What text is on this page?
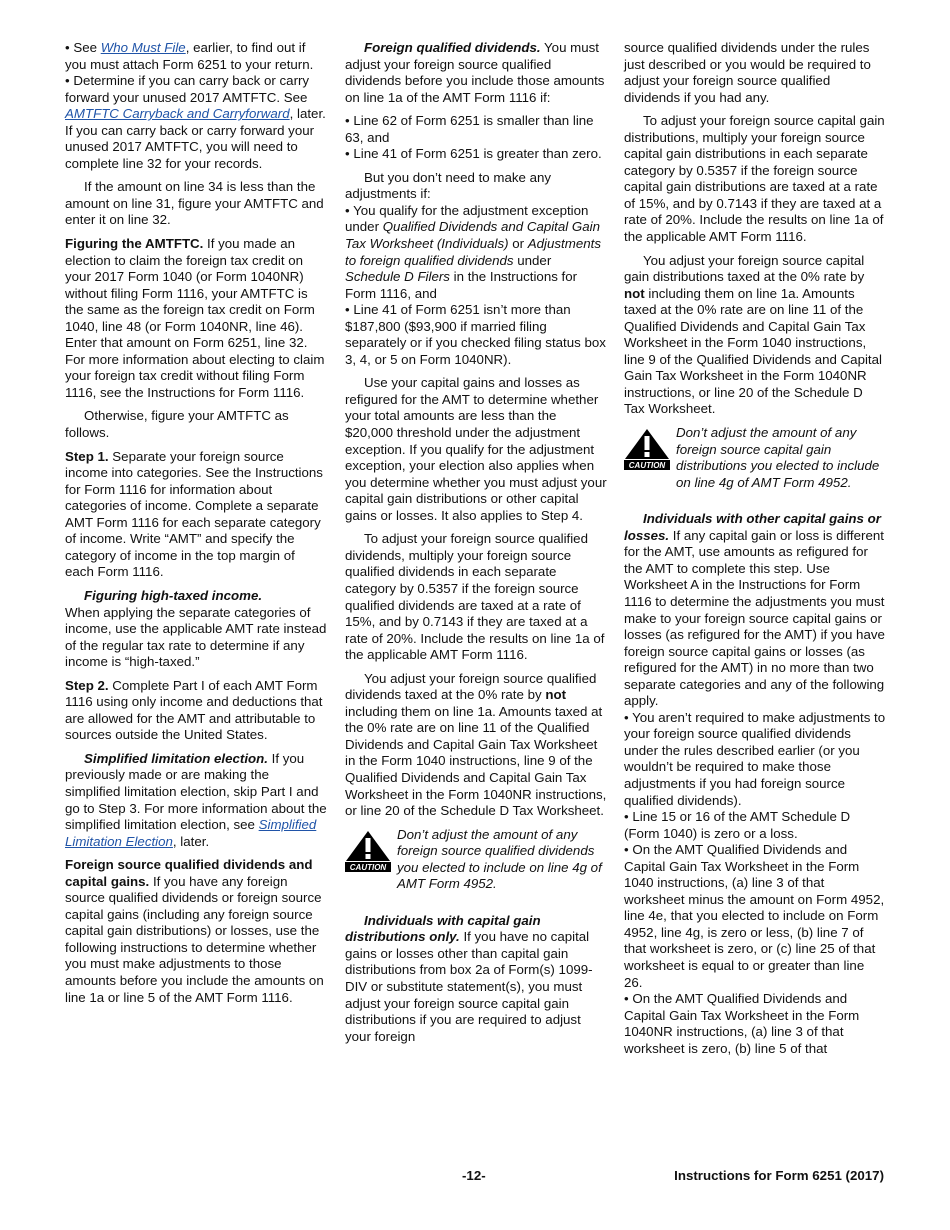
• See Who Must File, earlier, to find out if you must attach Form 6251 to your return.

• Determine if you can carry back or carry forward your unused 2017 AMTFTC. See AMTFTC Carryback and Carryforward, later. If you can carry back or carry forward your unused 2017 AMTFTC, you will need to complete line 32 for your records.

If the amount on line 34 is less than the amount on line 31, figure your AMTFTC and enter it on line 32.

Figuring the AMTFTC. If you made an election to claim the foreign tax credit on your 2017 Form 1040 (or Form 1040NR) without filing Form 1116, your AMTFTC is the same as the foreign tax credit on Form 1040, line 48 (or Form 1040NR, line 46). Enter that amount on Form 6251, line 32. For more information about electing to claim your foreign tax credit without filing Form 1116, see the Instructions for Form 1116.

Otherwise, figure your AMTFTC as follows.

Step 1. Separate your foreign source income into categories. See the Instructions for Form 1116 for information about categories of income. Complete a separate AMT Form 1116 for each separate category of income. Write “AMT” and specify the category of income in the top margin of each Form 1116.

Figuring high-taxed income.
When applying the separate categories of income, use the applicable AMT rate instead of the regular tax rate to determine if any income is “high-taxed.”

Step 2. Complete Part I of each AMT Form 1116 using only income and deductions that are allowed for the AMT and attributable to sources outside the United States.

Simplified limitation election. If you previously made or are making the simplified limitation election, skip Part I and go to Step 3. For more information about the simplified limitation election, see Simplified Limitation Election, later.

Foreign source qualified dividends and capital gains. If you have any foreign source qualified dividends or foreign source capital gains (including any foreign source capital gain distributions) or losses, use the following instructions to determine whether you must make adjustments to those amounts before you include the amounts on line 1a or line 5 of the AMT Form 1116.

Foreign qualified dividends. You must adjust your foreign source qualified dividends before you include those amounts on line 1a of the AMT Form 1116 if:

• Line 62 of Form 6251 is smaller than line 63, and

• Line 41 of Form 6251 is greater than zero.

But you don’t need to make any adjustments if:

• You qualify for the adjustment exception under Qualified Dividends and Capital Gain Tax Worksheet (Individuals) or Adjustments to foreign qualified dividends under Schedule D Filers in the Instructions for Form 1116, and

• Line 41 of Form 6251 isn’t more than $187,800 ($93,900 if married filing separately or if you checked filing status box 3, 4, or 5 on Form 1040NR).

Use your capital gains and losses as refigured for the AMT to determine whether your total amounts are less than the $20,000 threshold under the adjustment exception. If you qualify for the adjustment exception, your election also applies when you determine whether you must adjust your capital gain distributions or other capital gains or losses. It also applies to Step 4.

To adjust your foreign source qualified dividends, multiply your foreign source qualified dividends in each separate category by 0.5357 if the foreign source qualified dividends are taxed at a rate of 15%, and by 0.7143 if they are taxed at a rate of 20%. Include the results on line 1a of the applicable AMT Form 1116.

You adjust your foreign source qualified dividends taxed at the 0% rate by not including them on line 1a. Amounts taxed at the 0% rate are on line 11 of the Qualified Dividends and Capital Gain Tax Worksheet in the Form 1040 instructions, line 9 of the Qualified Dividends and Capital Gain Tax Worksheet in the Form 1040NR instructions, or line 20 of the Schedule D Tax Worksheet.

CAUTION
Don’t adjust the amount of any foreign source qualified dividends you elected to include on line 4g of AMT Form 4952.

Individuals with capital gain distributions only. If you have no capital gains or losses other than capital gain distributions from box 2a of Form(s) 1099-DIV or substitute statement(s), you must adjust your foreign source capital gain distributions if you are required to adjust your foreign

source qualified dividends under the rules just described or you would be required to adjust your foreign source qualified dividends if you had any.

To adjust your foreign source capital gain distributions, multiply your foreign source capital gain distributions in each separate category by 0.5357 if the foreign source capital gain distributions are taxed at a rate of 15%, and by 0.7143 if they are taxed at a rate of 20%. Include the results on line 1a of the applicable AMT Form 1116.

You adjust your foreign source capital gain distributions taxed at the 0% rate by not including them on line 1a. Amounts taxed at the 0% rate are on line 11 of the Qualified Dividends and Capital Gain Tax Worksheet in the Form 1040 instructions, line 9 of the Qualified Dividends and Capital Gain Tax Worksheet in the Form 1040NR instructions, or line 20 of the Schedule D Tax Worksheet.

CAUTION
Don’t adjust the amount of any foreign source capital gain distributions you elected to include on line 4g of AMT Form 4952.

Individuals with other capital gains or losses. If any capital gain or loss is different for the AMT, use amounts as refigured for the AMT to complete this step. Use Worksheet A in the Instructions for Form 1116 to determine the adjustments you must make to your foreign source capital gains or losses (as refigured for the AMT) if you have foreign source capital gains or losses (as refigured for the AMT) in no more than two separate categories and any of the following apply.

• You aren’t required to make adjustments to your foreign source qualified dividends under the rules described earlier (or you wouldn’t be required to make those adjustments if you had foreign source qualified dividends).

• Line 15 or 16 of the AMT Schedule D (Form 1040) is zero or a loss.

• On the AMT Qualified Dividends and Capital Gain Tax Worksheet in the Form 1040 instructions, (a) line 3 of that worksheet minus the amount on Form 4952, line 4e, that you elected to include on Form 4952, line 4g, is zero or less, (b) line 7 of that worksheet is zero, or (c) line 25 of that worksheet is equal to or greater than line 26.

• On the AMT Qualified Dividends and Capital Gain Tax Worksheet in the Form 1040NR instructions, (a) line 3 of that worksheet is zero, (b) line 5 of that

-12-	Instructions for Form 6251 (2017)
